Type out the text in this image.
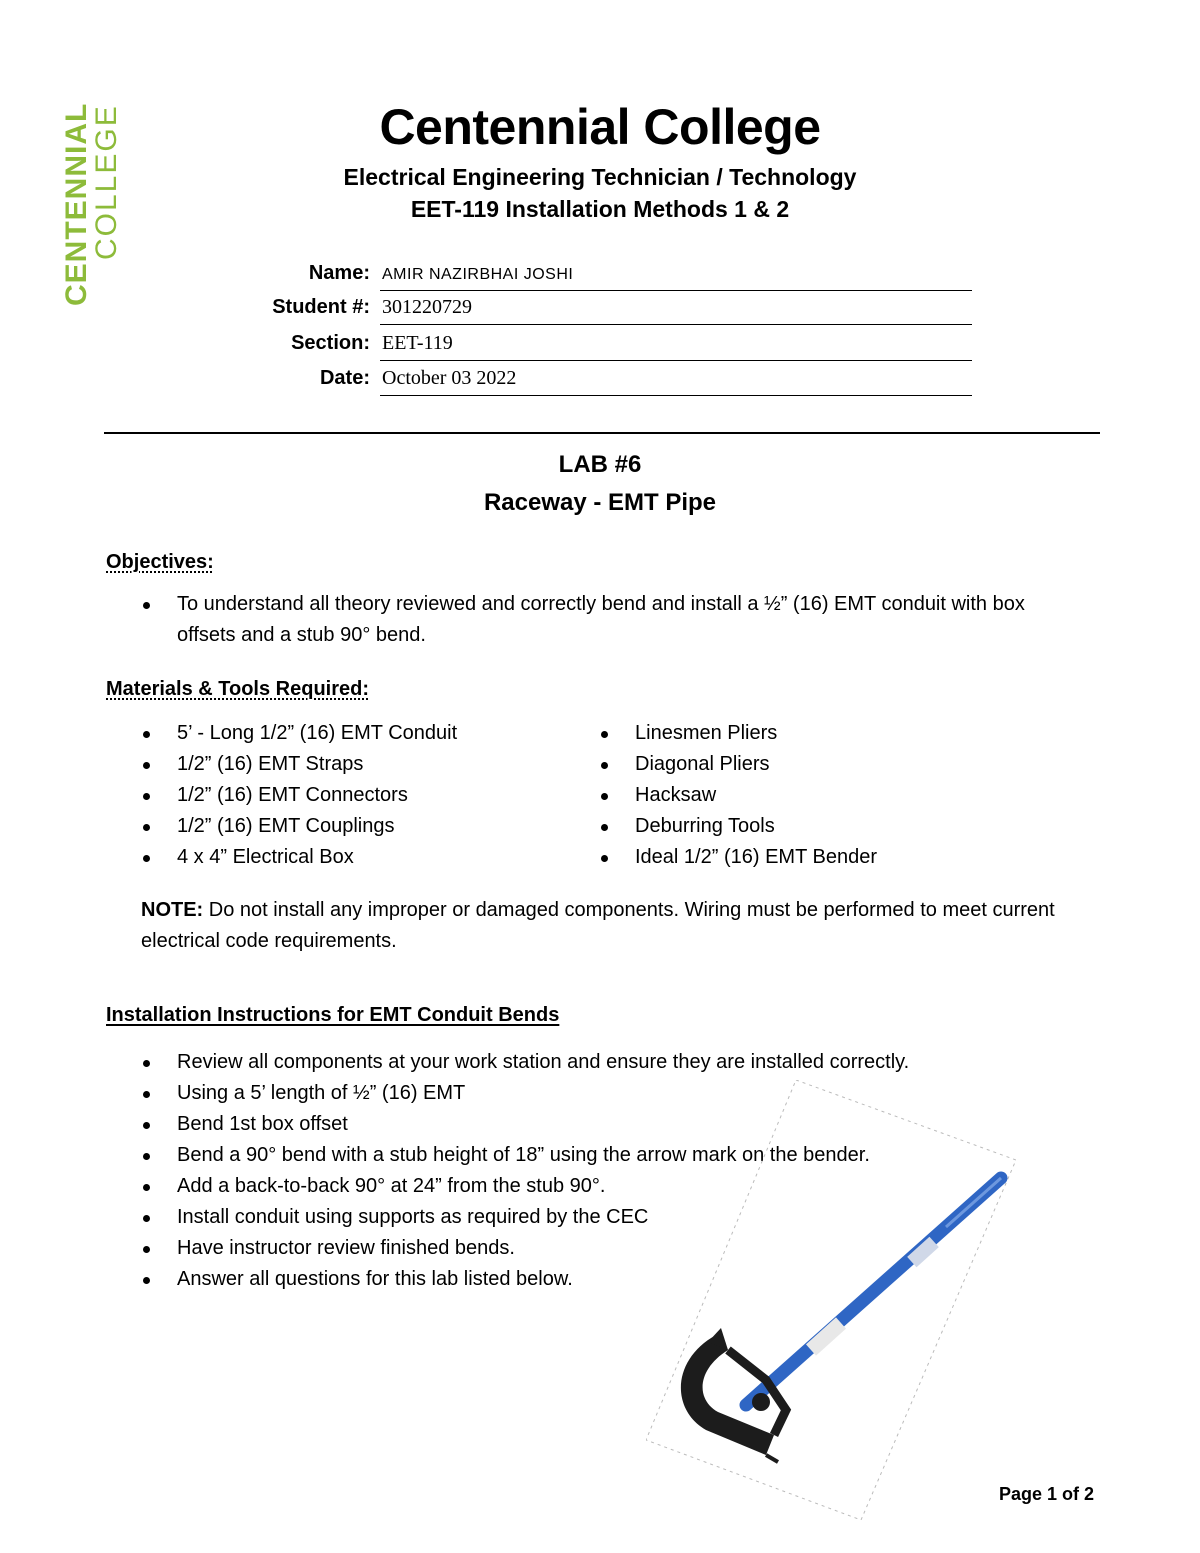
CENTENNIAL
COLLEGE	Centennial College
Electrical Engineering Technician / Technology
EET-119 Installation Methods 1 & 2
Name: AMIR NAZIRBHAI JOSHI
Student #: 301220729
Section: EET-119
Date: October 03 2022
LAB #6
Raceway - EMT Pipe
Objectives:
To understand all theory reviewed and correctly bend and install a ½” (16) EMT conduit with box offsets and a stub 90° bend.
Materials & Tools Required:
5’ - Long 1/2” (16) EMT Conduit
1/2” (16) EMT Straps
1/2” (16) EMT Connectors
1/2” (16) EMT Couplings
4 x 4” Electrical Box
Linesmen Pliers
Diagonal Pliers
Hacksaw
Deburring Tools
Ideal 1/2” (16) EMT Bender
NOTE: Do not install any improper or damaged components. Wiring must be performed to meet current electrical code requirements.
Installation Instructions for EMT Conduit Bends
Review all components at your work station and ensure they are installed correctly.
Using a 5’ length of ½” (16) EMT
Bend 1st box offset
Bend a 90° bend with a stub height of 18” using the arrow mark on the bender.
Add a back-to-back 90° at 24” from the stub 90°.
Install conduit using supports as required by the CEC
Have instructor review finished bends.
Answer all questions for this lab listed below.
Page 1 of 2
